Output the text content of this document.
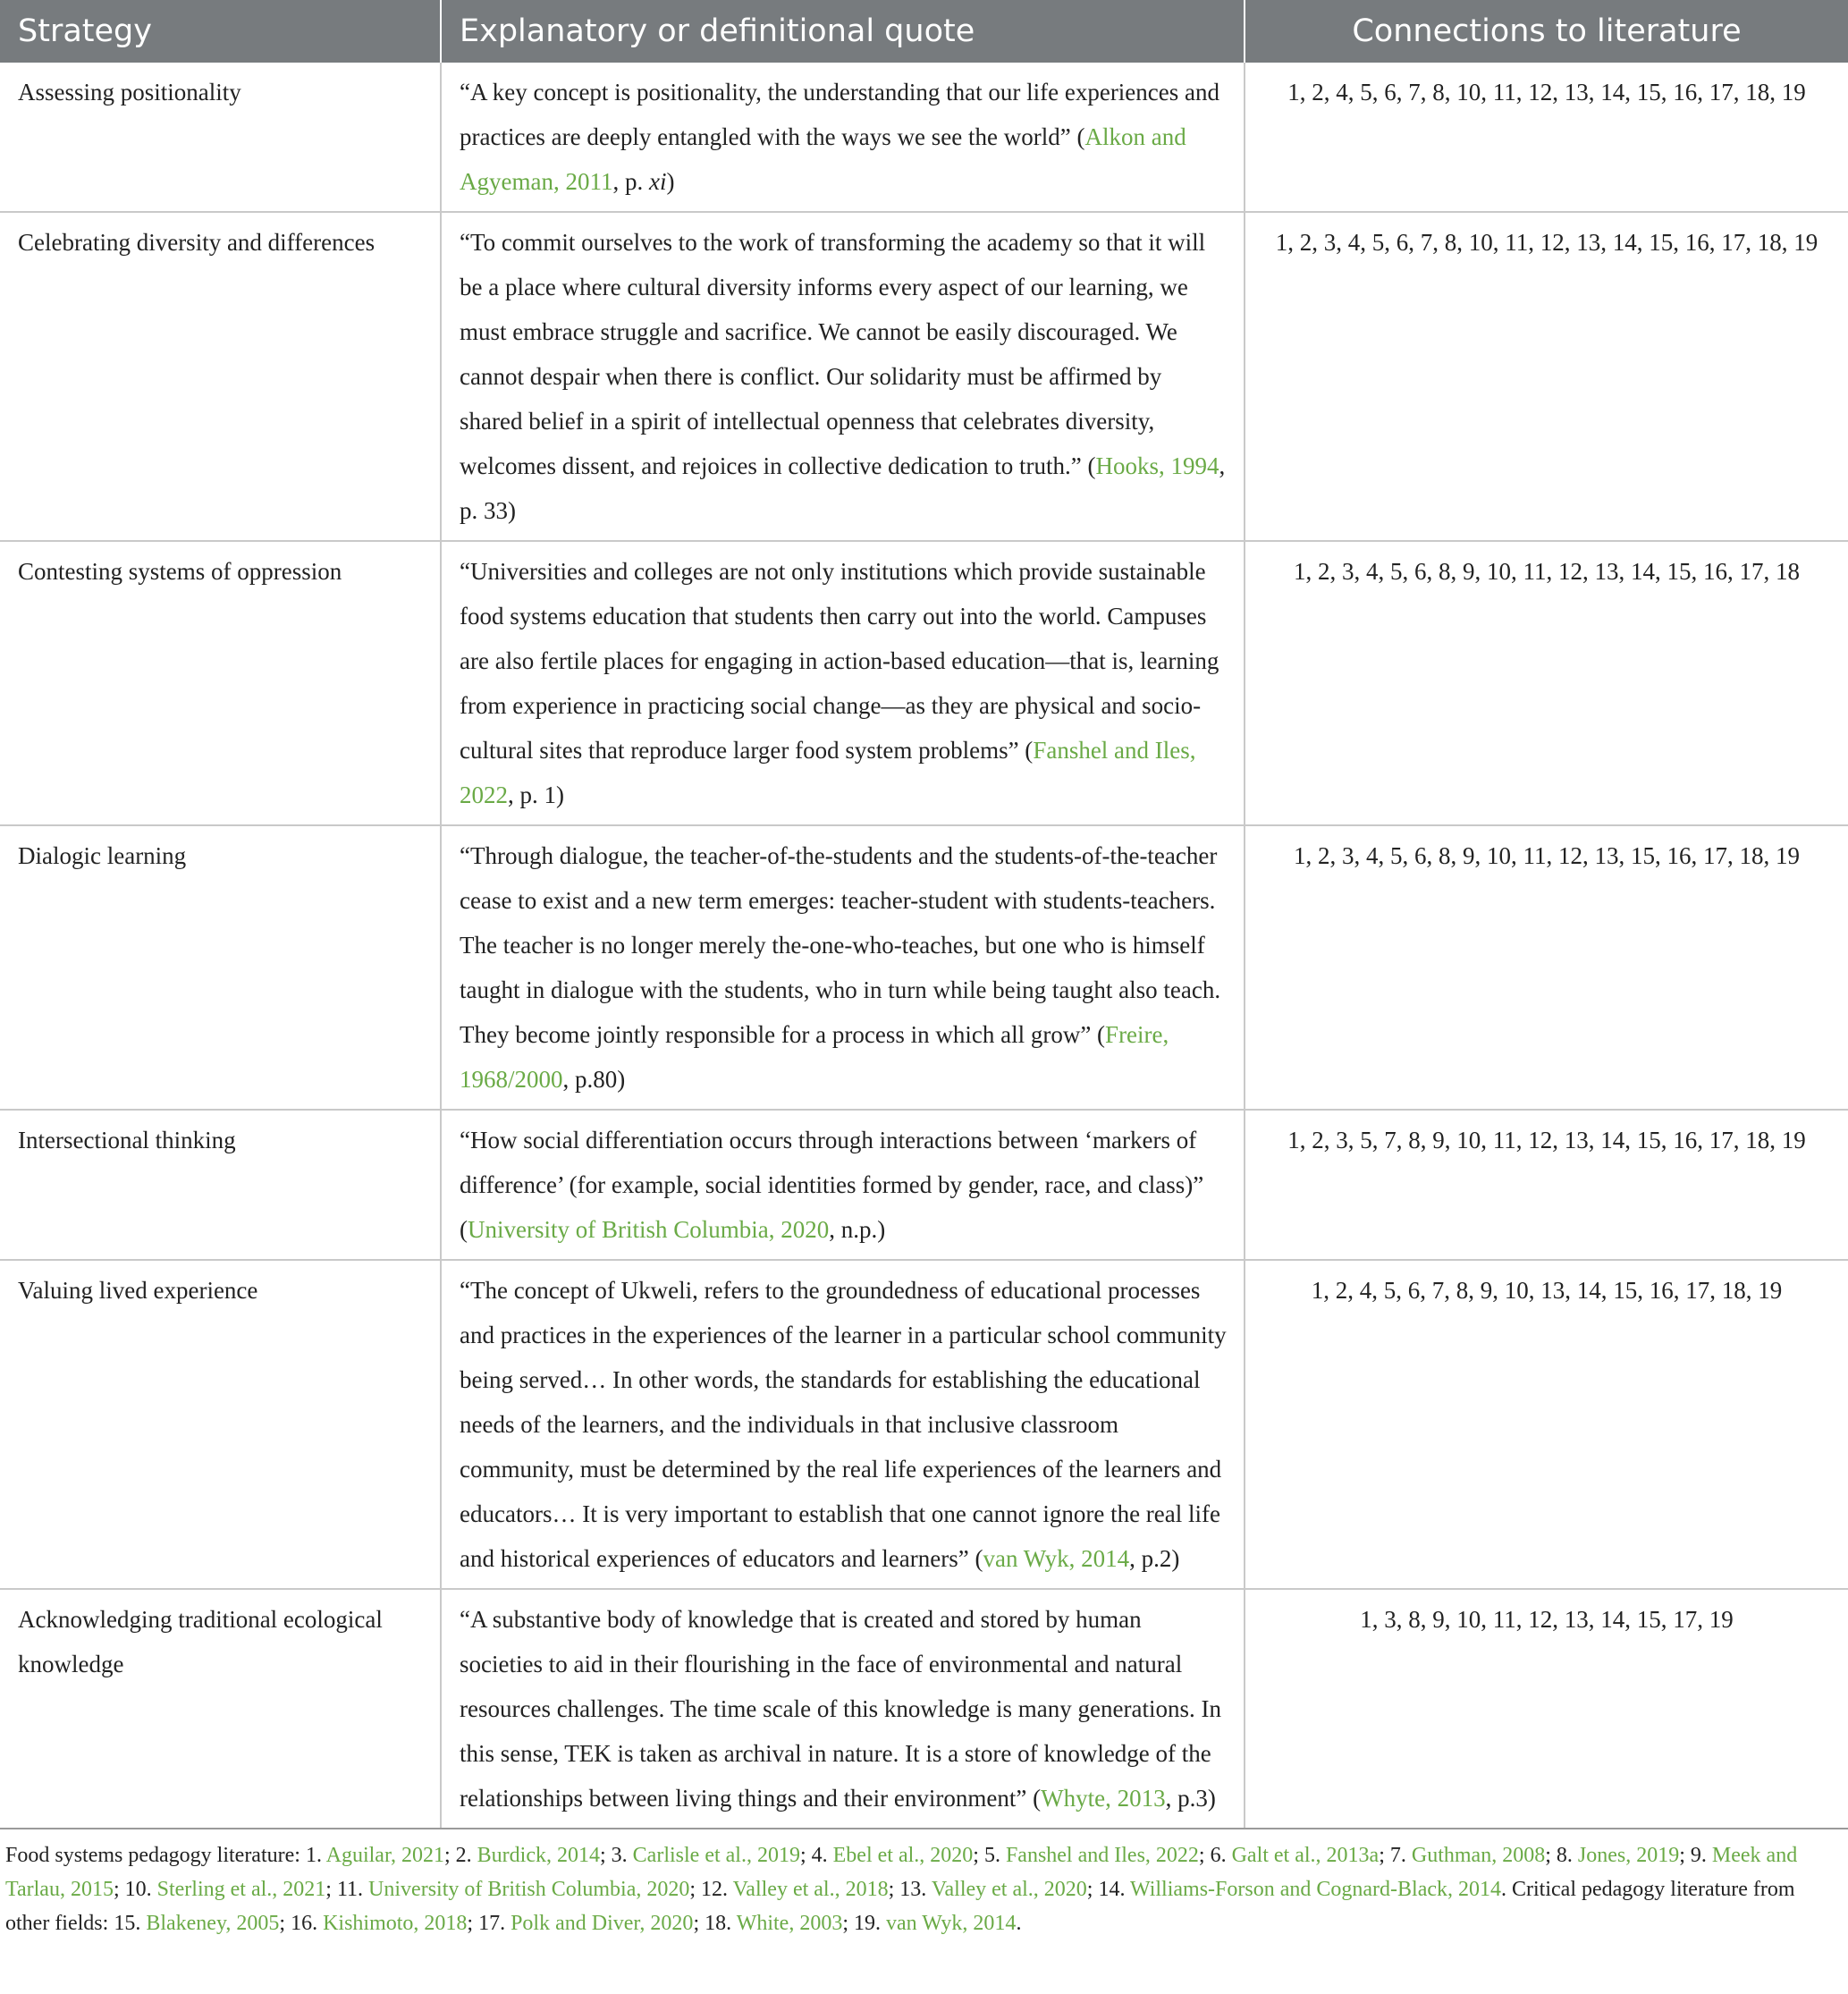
Strategy	Explanatory or definitional quote	Connections to literature
Assessing positionality	“A key concept is positionality, the understanding that our life experiences and practices are deeply entangled with the ways we see the world” (Alkon and Agyeman, 2011, p. xi)	1, 2, 4, 5, 6, 7, 8, 10, 11, 12, 13, 14, 15, 16, 17, 18, 19
Celebrating diversity and differences	“To commit ourselves to the work of transforming the academy so that it will be a place where cultural diversity informs every aspect of our learning, we must embrace struggle and sacrifice. We cannot be easily discouraged. We cannot despair when there is conflict. Our solidarity must be affirmed by shared belief in a spirit of intellectual openness that celebrates diversity, welcomes dissent, and rejoices in collective dedication to truth.” (Hooks, 1994, p. 33)	1, 2, 3, 4, 5, 6, 7, 8, 10, 11, 12, 13, 14, 15, 16, 17, 18, 19
Contesting systems of oppression	“Universities and colleges are not only institutions which provide sustainable food systems education that students then carry out into the world. Campuses are also fertile places for engaging in action-based education—that is, learning from experience in practicing social change—as they are physical and socio-cultural sites that reproduce larger food system problems” (Fanshel and Iles, 2022, p. 1)	1, 2, 3, 4, 5, 6, 8, 9, 10, 11, 12, 13, 14, 15, 16, 17, 18
Dialogic learning	“Through dialogue, the teacher-of-the-students and the students-of-the-teacher cease to exist and a new term emerges: teacher-student with students-teachers. The teacher is no longer merely the-one-who-teaches, but one who is himself taught in dialogue with the students, who in turn while being taught also teach. They become jointly responsible for a process in which all grow” (Freire, 1968/2000, p.80)	1, 2, 3, 4, 5, 6, 8, 9, 10, 11, 12, 13, 15, 16, 17, 18, 19
Intersectional thinking	“How social differentiation occurs through interactions between ‘markers of difference’ (for example, social identities formed by gender, race, and class)” (University of British Columbia, 2020, n.p.)	1, 2, 3, 5, 7, 8, 9, 10, 11, 12, 13, 14, 15, 16, 17, 18, 19
Valuing lived experience	“The concept of Ukweli, refers to the groundedness of educational processes and practices in the experiences of the learner in a particular school community being served… In other words, the standards for establishing the educational needs of the learners, and the individuals in that inclusive classroom community, must be determined by the real life experiences of the learners and educators… It is very important to establish that one cannot ignore the real life and historical experiences of educators and learners” (van Wyk, 2014, p.2)	1, 2, 4, 5, 6, 7, 8, 9, 10, 13, 14, 15, 16, 17, 18, 19
Acknowledging traditional ecological knowledge	“A substantive body of knowledge that is created and stored by human societies to aid in their flourishing in the face of environmental and natural resources challenges. The time scale of this knowledge is many generations. In this sense, TEK is taken as archival in nature. It is a store of knowledge of the relationships between living things and their environment” (Whyte, 2013, p.3)	1, 3, 8, 9, 10, 11, 12, 13, 14, 15, 17, 19

Food systems pedagogy literature: 1. Aguilar, 2021; 2. Burdick, 2014; 3. Carlisle et al., 2019; 4. Ebel et al., 2020; 5. Fanshel and Iles, 2022; 6. Galt et al., 2013a; 7. Guthman, 2008; 8. Jones, 2019; 9. Meek and Tarlau, 2015; 10. Sterling et al., 2021; 11. University of British Columbia, 2020; 12. Valley et al., 2018; 13. Valley et al., 2020; 14. Williams-Forson and Cognard-Black, 2014. Critical pedagogy literature from other fields: 15. Blakeney, 2005; 16. Kishimoto, 2018; 17. Polk and Diver, 2020; 18. White, 2003; 19. van Wyk, 2014.
